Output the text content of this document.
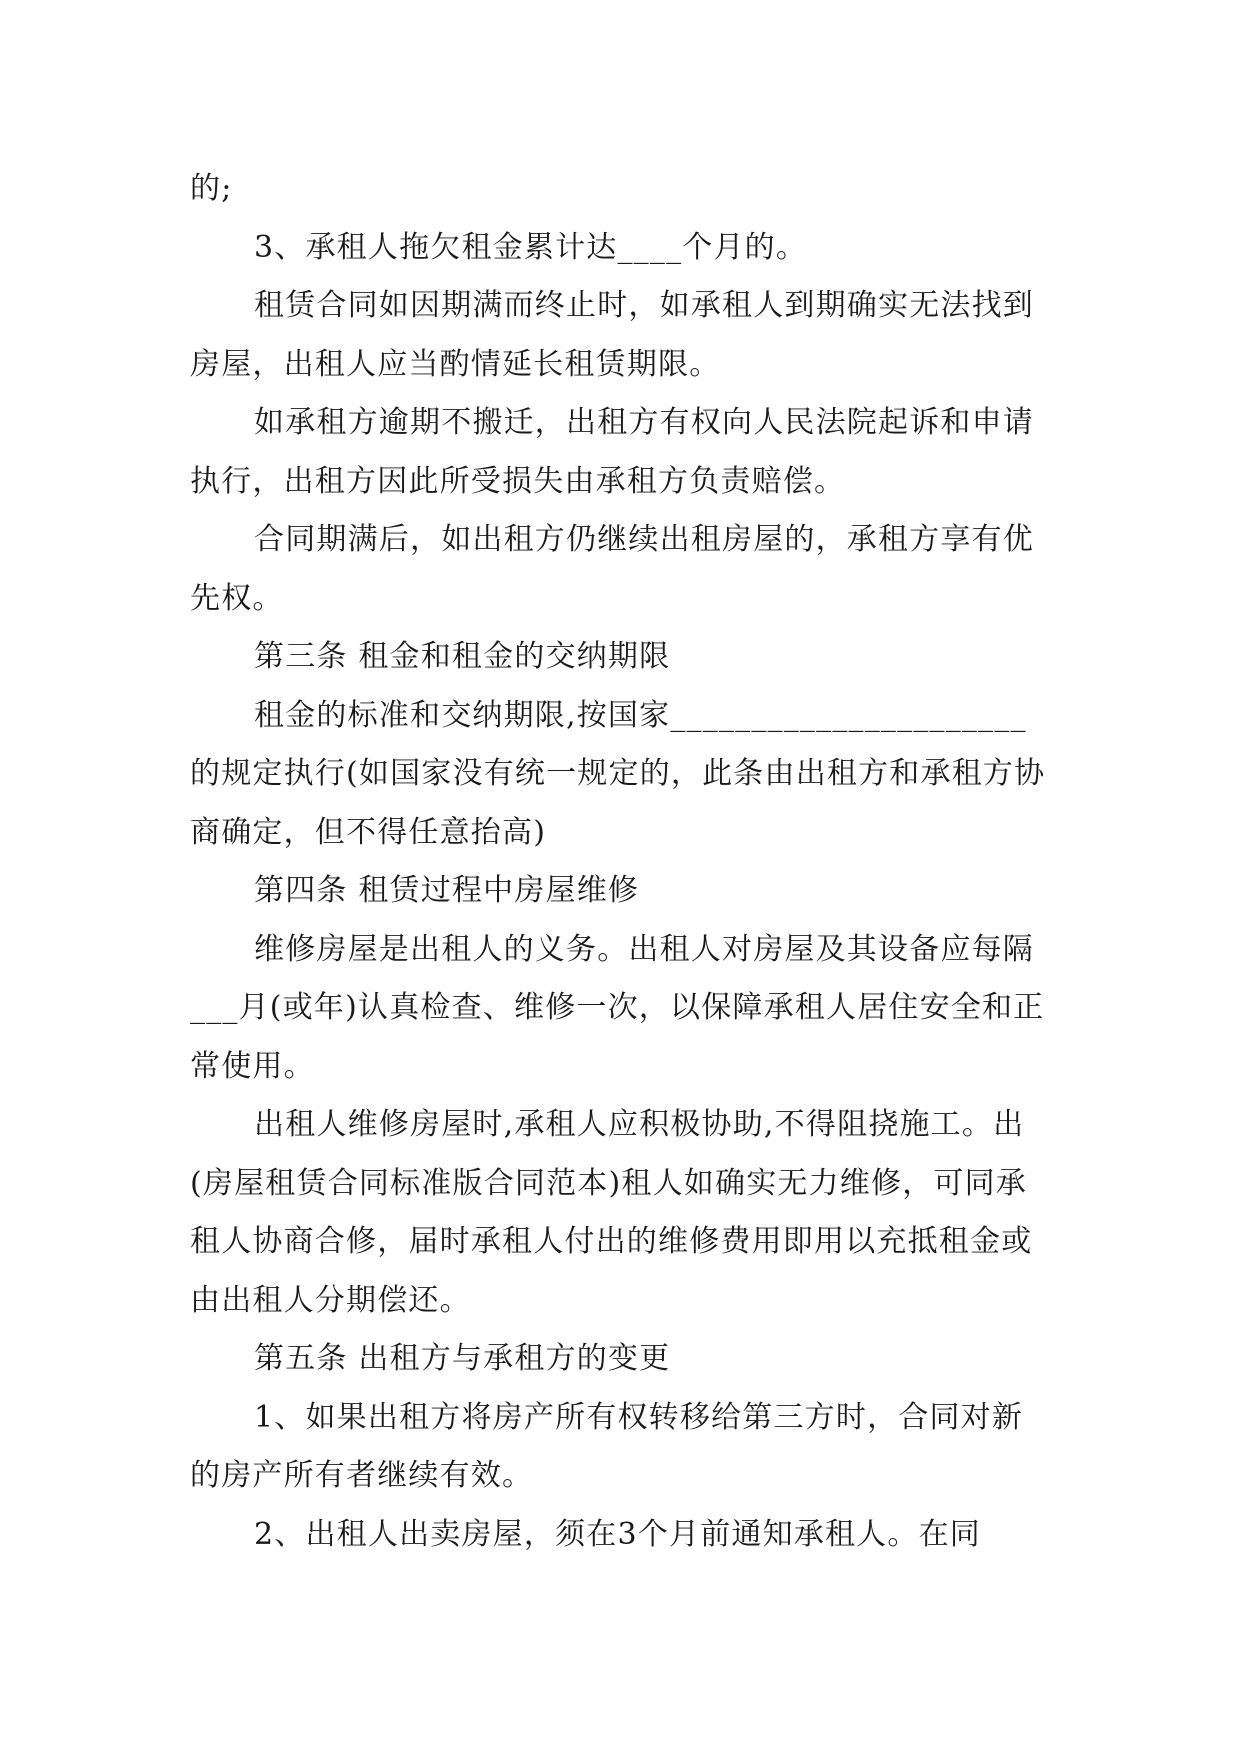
的;

3、承租人拖欠租金累计达____个月的。

租赁合同如因期满而终止时，如承租人到期确实无法找到房屋，出租人应当酌情延长租赁期限。

如承租方逾期不搬迁，出租方有权向人民法院起诉和申请执行，出租方因此所受损失由承租方负责赔偿。

合同期满后，如出租方仍继续出租房屋的，承租方享有优先权。

第三条 租金和租金的交纳期限

租金的标准和交纳期限,按国家______________________的规定执行(如国家没有统一规定的，此条由出租方和承租方协商确定，但不得任意抬高)

第四条 租赁过程中房屋维修

维修房屋是出租人的义务。出租人对房屋及其设备应每隔___月(或年)认真检查、维修一次，以保障承租人居住安全和正常使用。

出租人维修房屋时,承租人应积极协助,不得阻挠施工。出(房屋租赁合同标准版合同范本)租人如确实无力维修，可同承租人协商合修，届时承租人付出的维修费用即用以充抵租金或由出租人分期偿还。

第五条 出租方与承租方的变更

1、如果出租方将房产所有权转移给第三方时，合同对新的房产所有者继续有效。

2、出租人出卖房屋，须在3个月前通知承租人。在同
